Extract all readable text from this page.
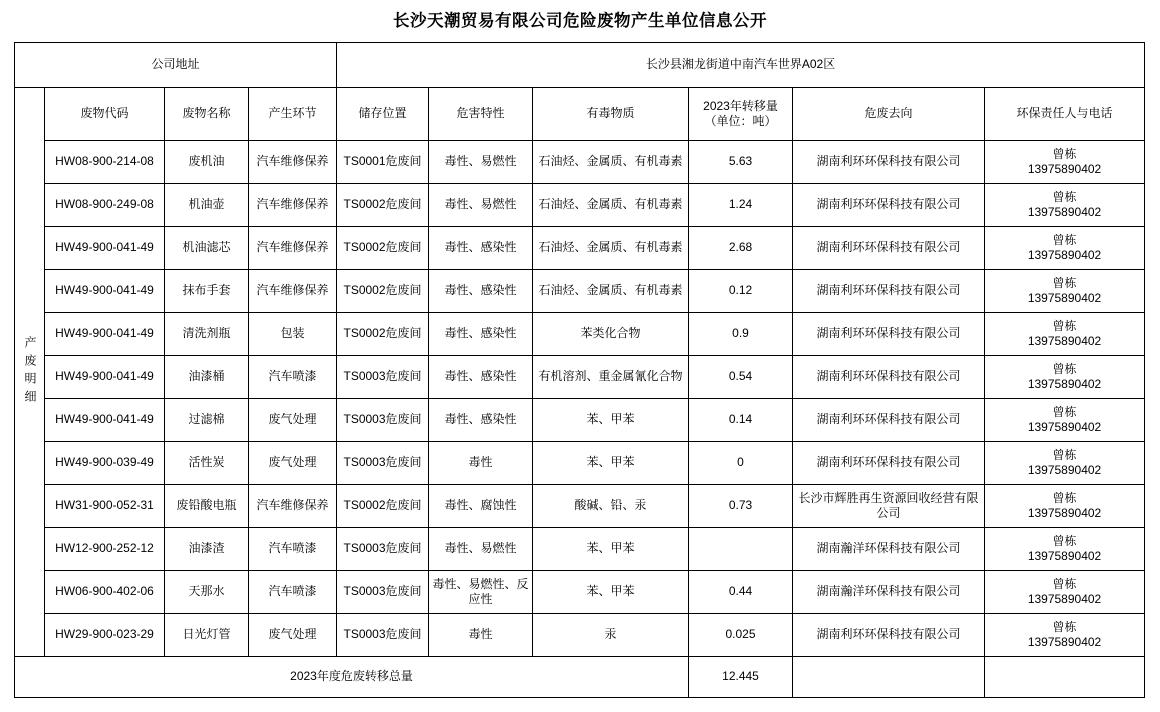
长沙天潮贸易有限公司危险废物产生单位信息公开
公司地址				长沙县湘龙街道中南汽车世界A02区					

产废明细	废物代码	废物名称	产生环节	储存位置	危害特性	有毒物质	2023年转移量
（单位：吨）	危废去向	环保责任人与电话
	HW08-900-214-08	废机油	汽车维修保养	TS0001危废间	毒性、易燃性	石油烃、金属质、有机毒素	5.63	湖南利环环保科技有限公司	曾栋
13975890402

	HW08-900-249-08	机油壶	汽车维修保养	TS0002危废间	毒性、易燃性	石油烃、金属质、有机毒素	1.24	湖南利环环保科技有限公司	曾栋
13975890402

	HW49-900-041-49	机油滤芯	汽车维修保养	TS0002危废间	毒性、感染性	石油烃、金属质、有机毒素	2.68	湖南利环环保科技有限公司	曾栋
13975890402

	HW49-900-041-49	抹布手套	汽车维修保养	TS0002危废间	毒性、感染性	石油烃、金属质、有机毒素	0.12	湖南利环环保科技有限公司	曾栋
13975890402

	HW49-900-041-49	清洗剂瓶	包装	TS0002危废间	毒性、感染性	苯类化合物	0.9	湖南利环环保科技有限公司	曾栋
13975890402

	HW49-900-041-49	油漆桶	汽车喷漆	TS0003危废间	毒性、感染性	有机溶剂、重金属氰化合物	0.54	湖南利环环保科技有限公司	曾栋
13975890402

	HW49-900-041-49	过滤棉	废气处理	TS0003危废间	毒性、感染性	苯、甲苯	0.14	湖南利环环保科技有限公司	曾栋
13975890402

	HW49-900-039-49	活性炭	废气处理	TS0003危废间	毒性	苯、甲苯	0	湖南利环环保科技有限公司	曾栋
13975890402

	HW31-900-052-31	废铅酸电瓶	汽车维修保养	TS0002危废间	毒性、腐蚀性	酸碱、铅、汞	0.73	长沙市辉胜再生资源回收经营有限公司	曾栋
13975890402

	HW12-900-252-12	油漆渣	汽车喷漆	TS0003危废间	毒性、易燃性	苯、甲苯		湖南瀚洋环保科技有限公司	曾栋
13975890402

	HW06-900-402-06	天那水	汽车喷漆	TS0003危废间	毒性、易燃性、反应性	苯、甲苯	0.44	湖南瀚洋环保科技有限公司	曾栋
13975890402

	HW29-900-023-29	日光灯管	废气处理	TS0003危废间	毒性	汞	0.025	湖南利环环保科技有限公司	曾栋
13975890402

2023年度危废转移总量							12.445		
